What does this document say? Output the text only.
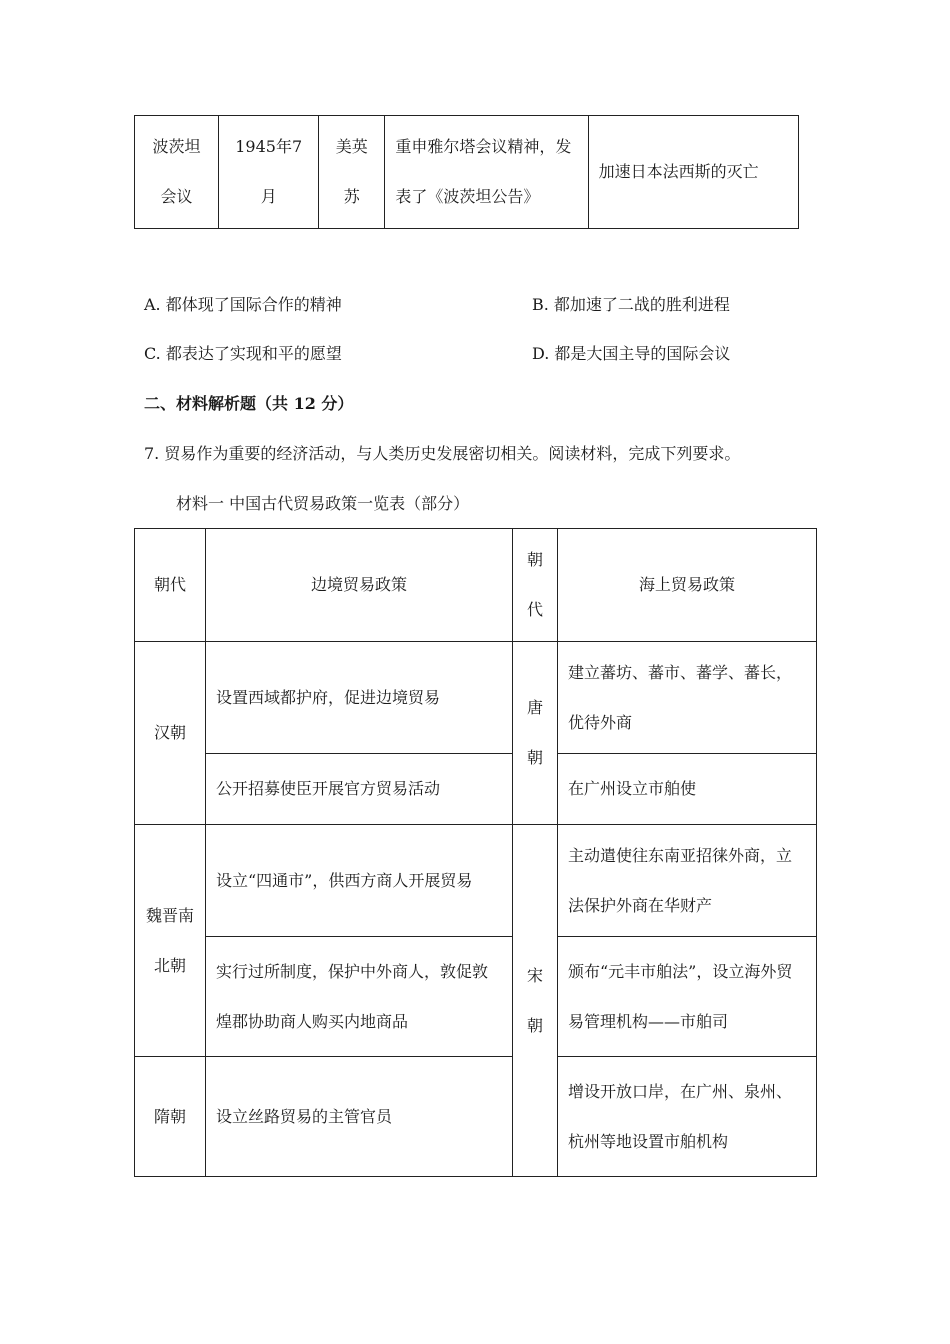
波茨坦会议	1945年7月	美英苏	重申雅尔塔会议精神，发表了《波茨坦公告》	加速日本法西斯的灭亡
A. 都体现了国际合作的精神	B. 都加速了二战的胜利进程
C. 都表达了实现和平的愿望	D. 都是大国主导的国际会议
二、材料解析题（共 12 分）
7. 贸易作为重要的经济活动，与人类历史发展密切相关。阅读材料，完成下列要求。
材料一 中国古代贸易政策一览表（部分）
朝代	边境贸易政策	朝代	海上贸易政策
汉朝	设置西域都护府，促进边境贸易	唐朝	建立蕃坊、蕃市、蕃学、蕃长，优待外商
	公开招募使臣开展官方贸易活动		在广州设立市舶使
魏晋南北朝	设立“四通市”，供西方商人开展贸易	宋朝	主动遣使往东南亚招徕外商，立法保护外商在华财产
	实行过所制度，保护中外商人，敦促敦煌郡协助商人购买内地商品		颁布“元丰市舶法”，设立海外贸易管理机构——市舶司
隋朝	设立丝路贸易的主管官员		增设开放口岸，在广州、泉州、杭州等地设置市舶机构
